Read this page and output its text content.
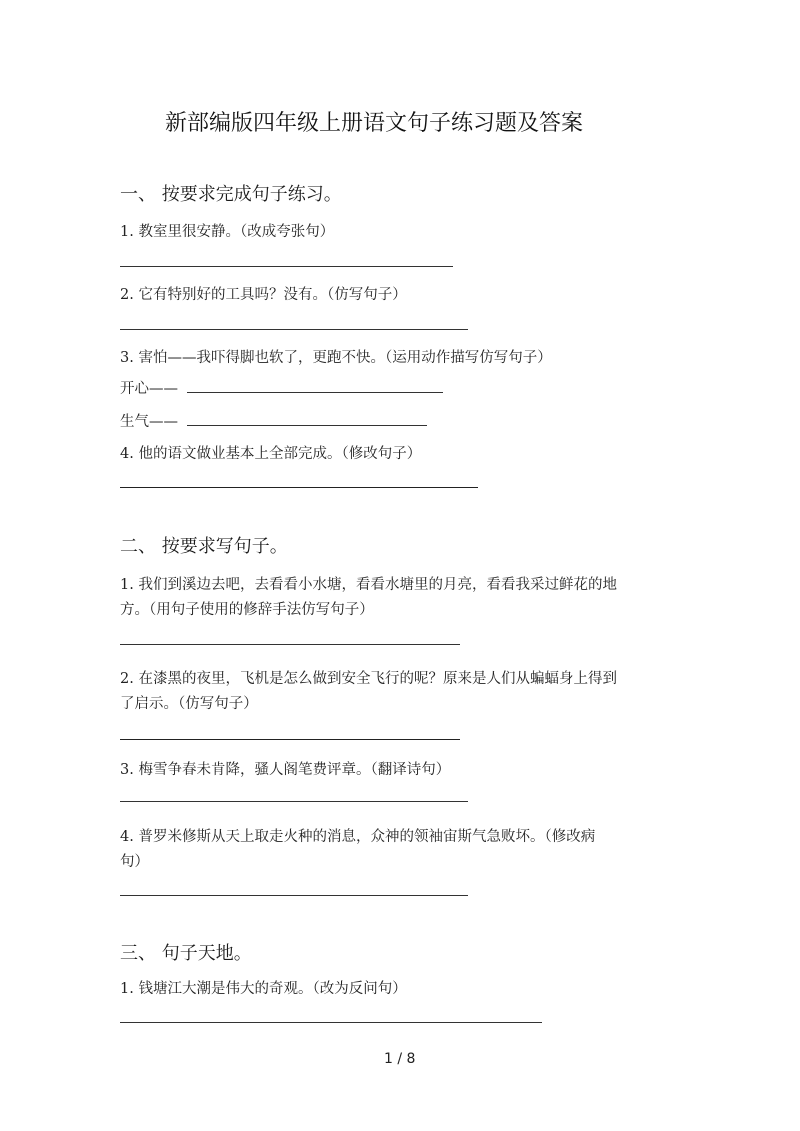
新部编版四年级上册语文句子练习题及答案
一、 按要求完成句子练习。
1. 教室里很安静。（改成夸张句）
2. 它有特别好的工具吗？没有。（仿写句子）
3. 害怕——我吓得脚也软了，更跑不快。（运用动作描写仿写句子）
开心——
生气——
4. 他的语文做业基本上全部完成。（修改句子）
二、 按要求写句子。
1. 我们到溪边去吧，去看看小水塘，看看水塘里的月亮，看看我采过鲜花的地
方。（用句子使用的修辞手法仿写句子）
2. 在漆黑的夜里，飞机是怎么做到安全飞行的呢？原来是人们从蝙蝠身上得到
了启示。（仿写句子）
3. 梅雪争春未肯降，骚人阁笔费评章。（翻译诗句）
4. 普罗米修斯从天上取走火种的消息，众神的领袖宙斯气急败坏。（修改病
句）
三、 句子天地。
1. 钱塘江大潮是伟大的奇观。（改为反问句）
1 / 8
